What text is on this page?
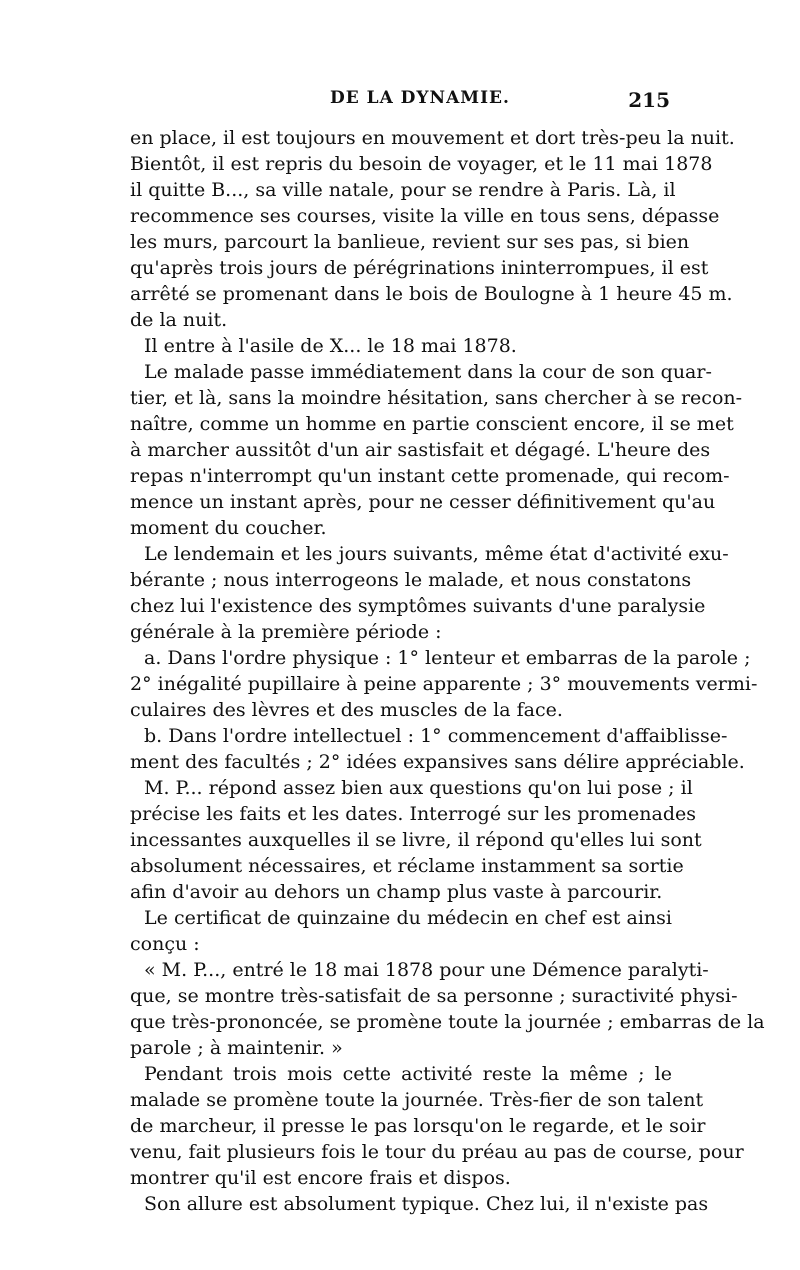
DE LA DYNAMIE.	215
en place, il est toujours en mouvement et dort très-peu la nuit.
Bientôt, il est repris du besoin de voyager, et le 11 mai 1878
il quitte B..., sa ville natale, pour se rendre à Paris. Là, il
recommence ses courses, visite la ville en tous sens, dépasse
les murs, parcourt la banlieue, revient sur ses pas, si bien
qu'après trois jours de pérégrinations ininterrompues, il est
arrêté se promenant dans le bois de Boulogne à 1 heure 45 m.
de la nuit.
Il entre à l'asile de X... le 18 mai 1878.
Le malade passe immédiatement dans la cour de son quar-
tier, et là, sans la moindre hésitation, sans chercher à se recon-
naître, comme un homme en partie conscient encore, il se met
à marcher aussitôt d'un air sastisfait et dégagé. L'heure des
repas n'interrompt qu'un instant cette promenade, qui recom-
mence un instant après, pour ne cesser définitivement qu'au
moment du coucher.
Le lendemain et les jours suivants, même état d'activité exu-
bérante ; nous interrogeons le malade, et nous constatons
chez lui l'existence des symptômes suivants d'une paralysie
générale à la première période :
a. Dans l'ordre physique : 1° lenteur et embarras de la parole ;
2° inégalité pupillaire à peine apparente ; 3° mouvements vermi-
culaires des lèvres et des muscles de la face.
b. Dans l'ordre intellectuel : 1° commencement d'affaiblisse-
ment des facultés ; 2° idées expansives sans délire appréciable.
M. P... répond assez bien aux questions qu'on lui pose ; il
précise les faits et les dates. Interrogé sur les promenades
incessantes auxquelles il se livre, il répond qu'elles lui sont
absolument nécessaires, et réclame instamment sa sortie
afin d'avoir au dehors un champ plus vaste à parcourir.
Le certificat de quinzaine du médecin en chef est ainsi
conçu :
« M. P..., entré le 18 mai 1878 pour une Démence paralyti-
que, se montre très-satisfait de sa personne ; suractivité physi-
que très-prononcée, se promène toute la journée ; embarras de la
parole ; à maintenir. »
Pendant trois mois cette activité reste la même ; le
malade se promène toute la journée. Très-fier de son talent
de marcheur, il presse le pas lorsqu'on le regarde, et le soir
venu, fait plusieurs fois le tour du préau au pas de course, pour
montrer qu'il est encore frais et dispos.
Son allure est absolument typique. Chez lui, il n'existe pas
